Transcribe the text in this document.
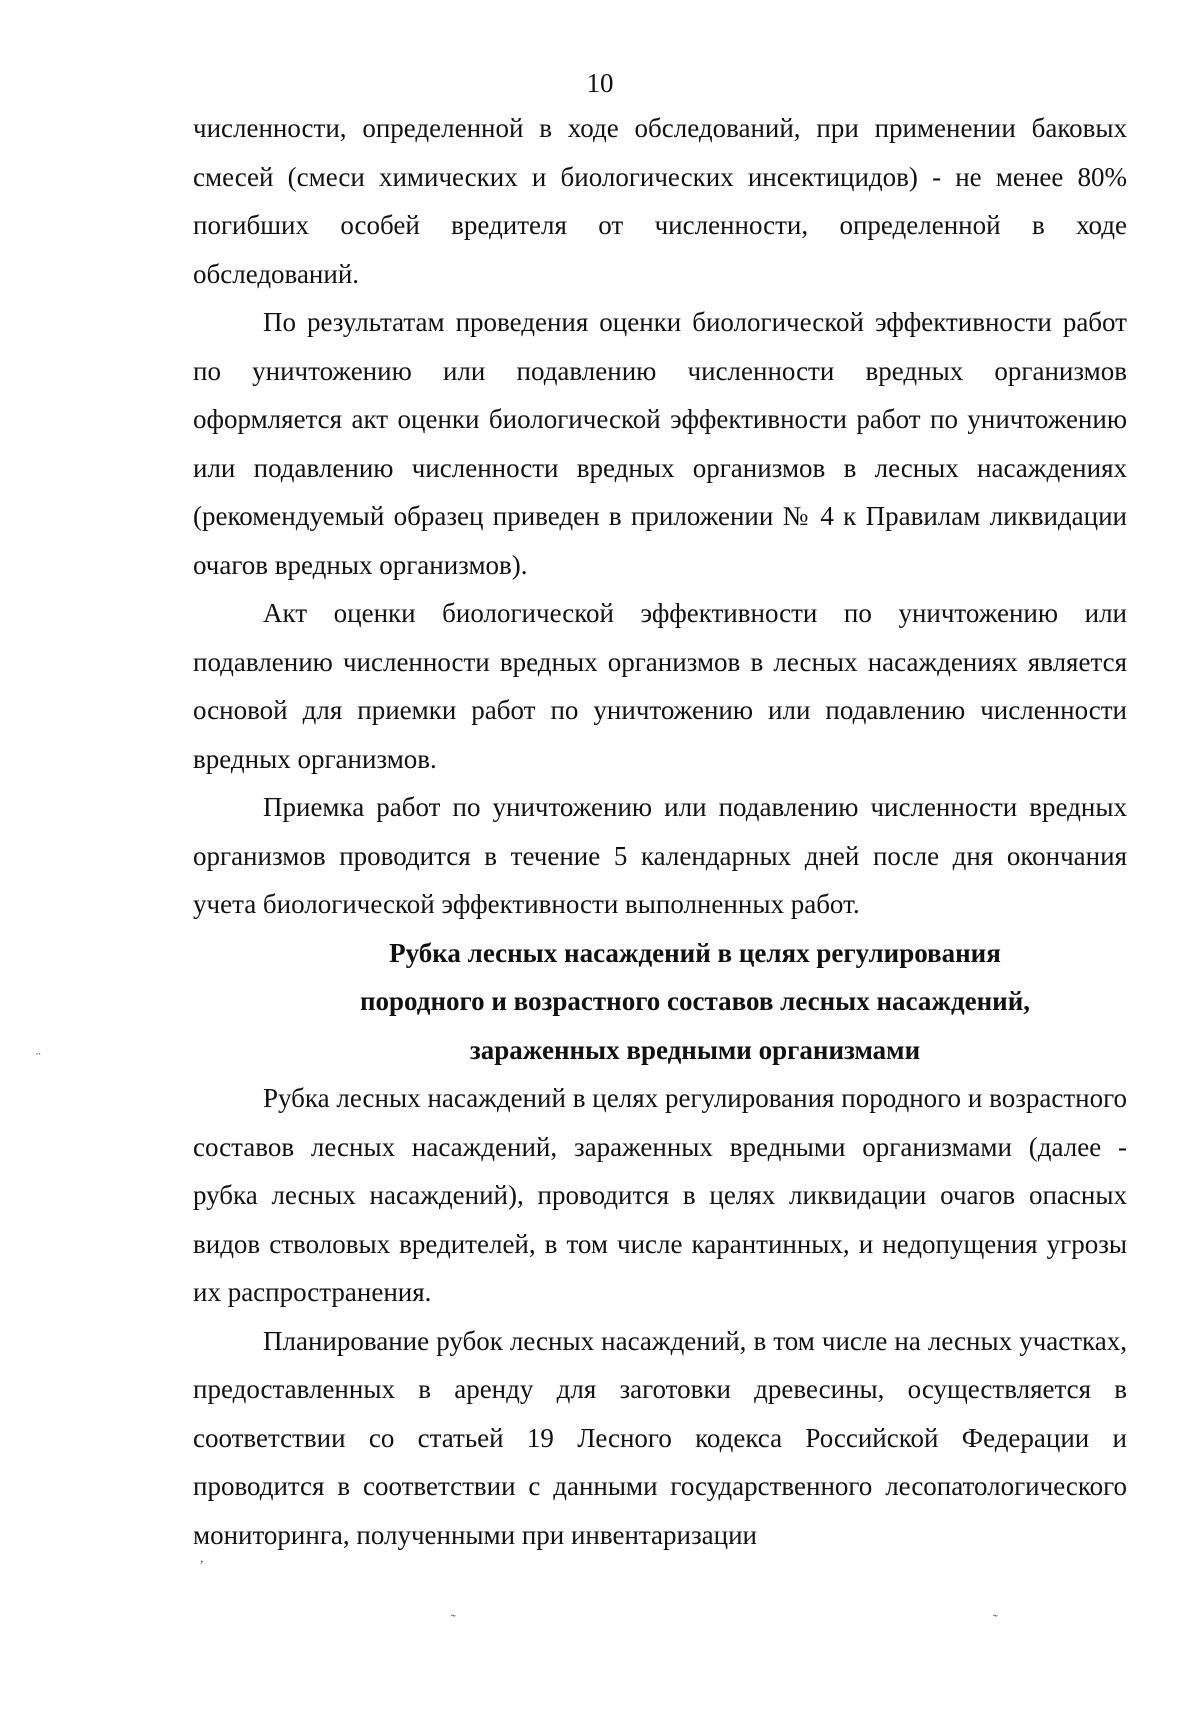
10

численности, определенной в ходе обследований, при применении баковых смесей (смеси химических и биологических инсектицидов) - не менее 80% погибших особей вредителя от численности, определенной в ходе обследований.

По результатам проведения оценки биологической эффективности работ по уничтожению или подавлению численности вредных организмов оформляется акт оценки биологической эффективности работ по уничтожению или подавлению численности вредных организмов в лесных насаждениях (рекомендуемый образец приведен в приложении № 4 к Правилам ликвидации очагов вредных организмов).

Акт оценки биологической эффективности по уничтожению или подавлению численности вредных организмов в лесных насаждениях является основой для приемки работ по уничтожению или подавлению численности вредных организмов.

Приемка работ по уничтожению или подавлению численности вредных организмов проводится в течение 5 календарных дней после дня окончания учета биологической эффективности выполненных работ.

Рубка лесных насаждений в целях регулирования

породного и возрастного составов лесных насаждений,

зараженных вредными организмами

Рубка лесных насаждений в целях регулирования породного и возрастного составов лесных насаждений, зараженных вредными организмами (далее - рубка лесных насаждений), проводится в целях ликвидации очагов опасных видов стволовых вредителей, в том числе карантинных, и недопущения угрозы их распространения.

Планирование рубок лесных насаждений, в том числе на лесных участках, предоставленных в аренду для заготовки древесины, осуществляется в соответствии со статьей 19 Лесного кодекса Российской Федерации и проводится в соответствии с данными государственного лесопатологического мониторинга, полученными при инвентаризации

¨
,
˜	˜
